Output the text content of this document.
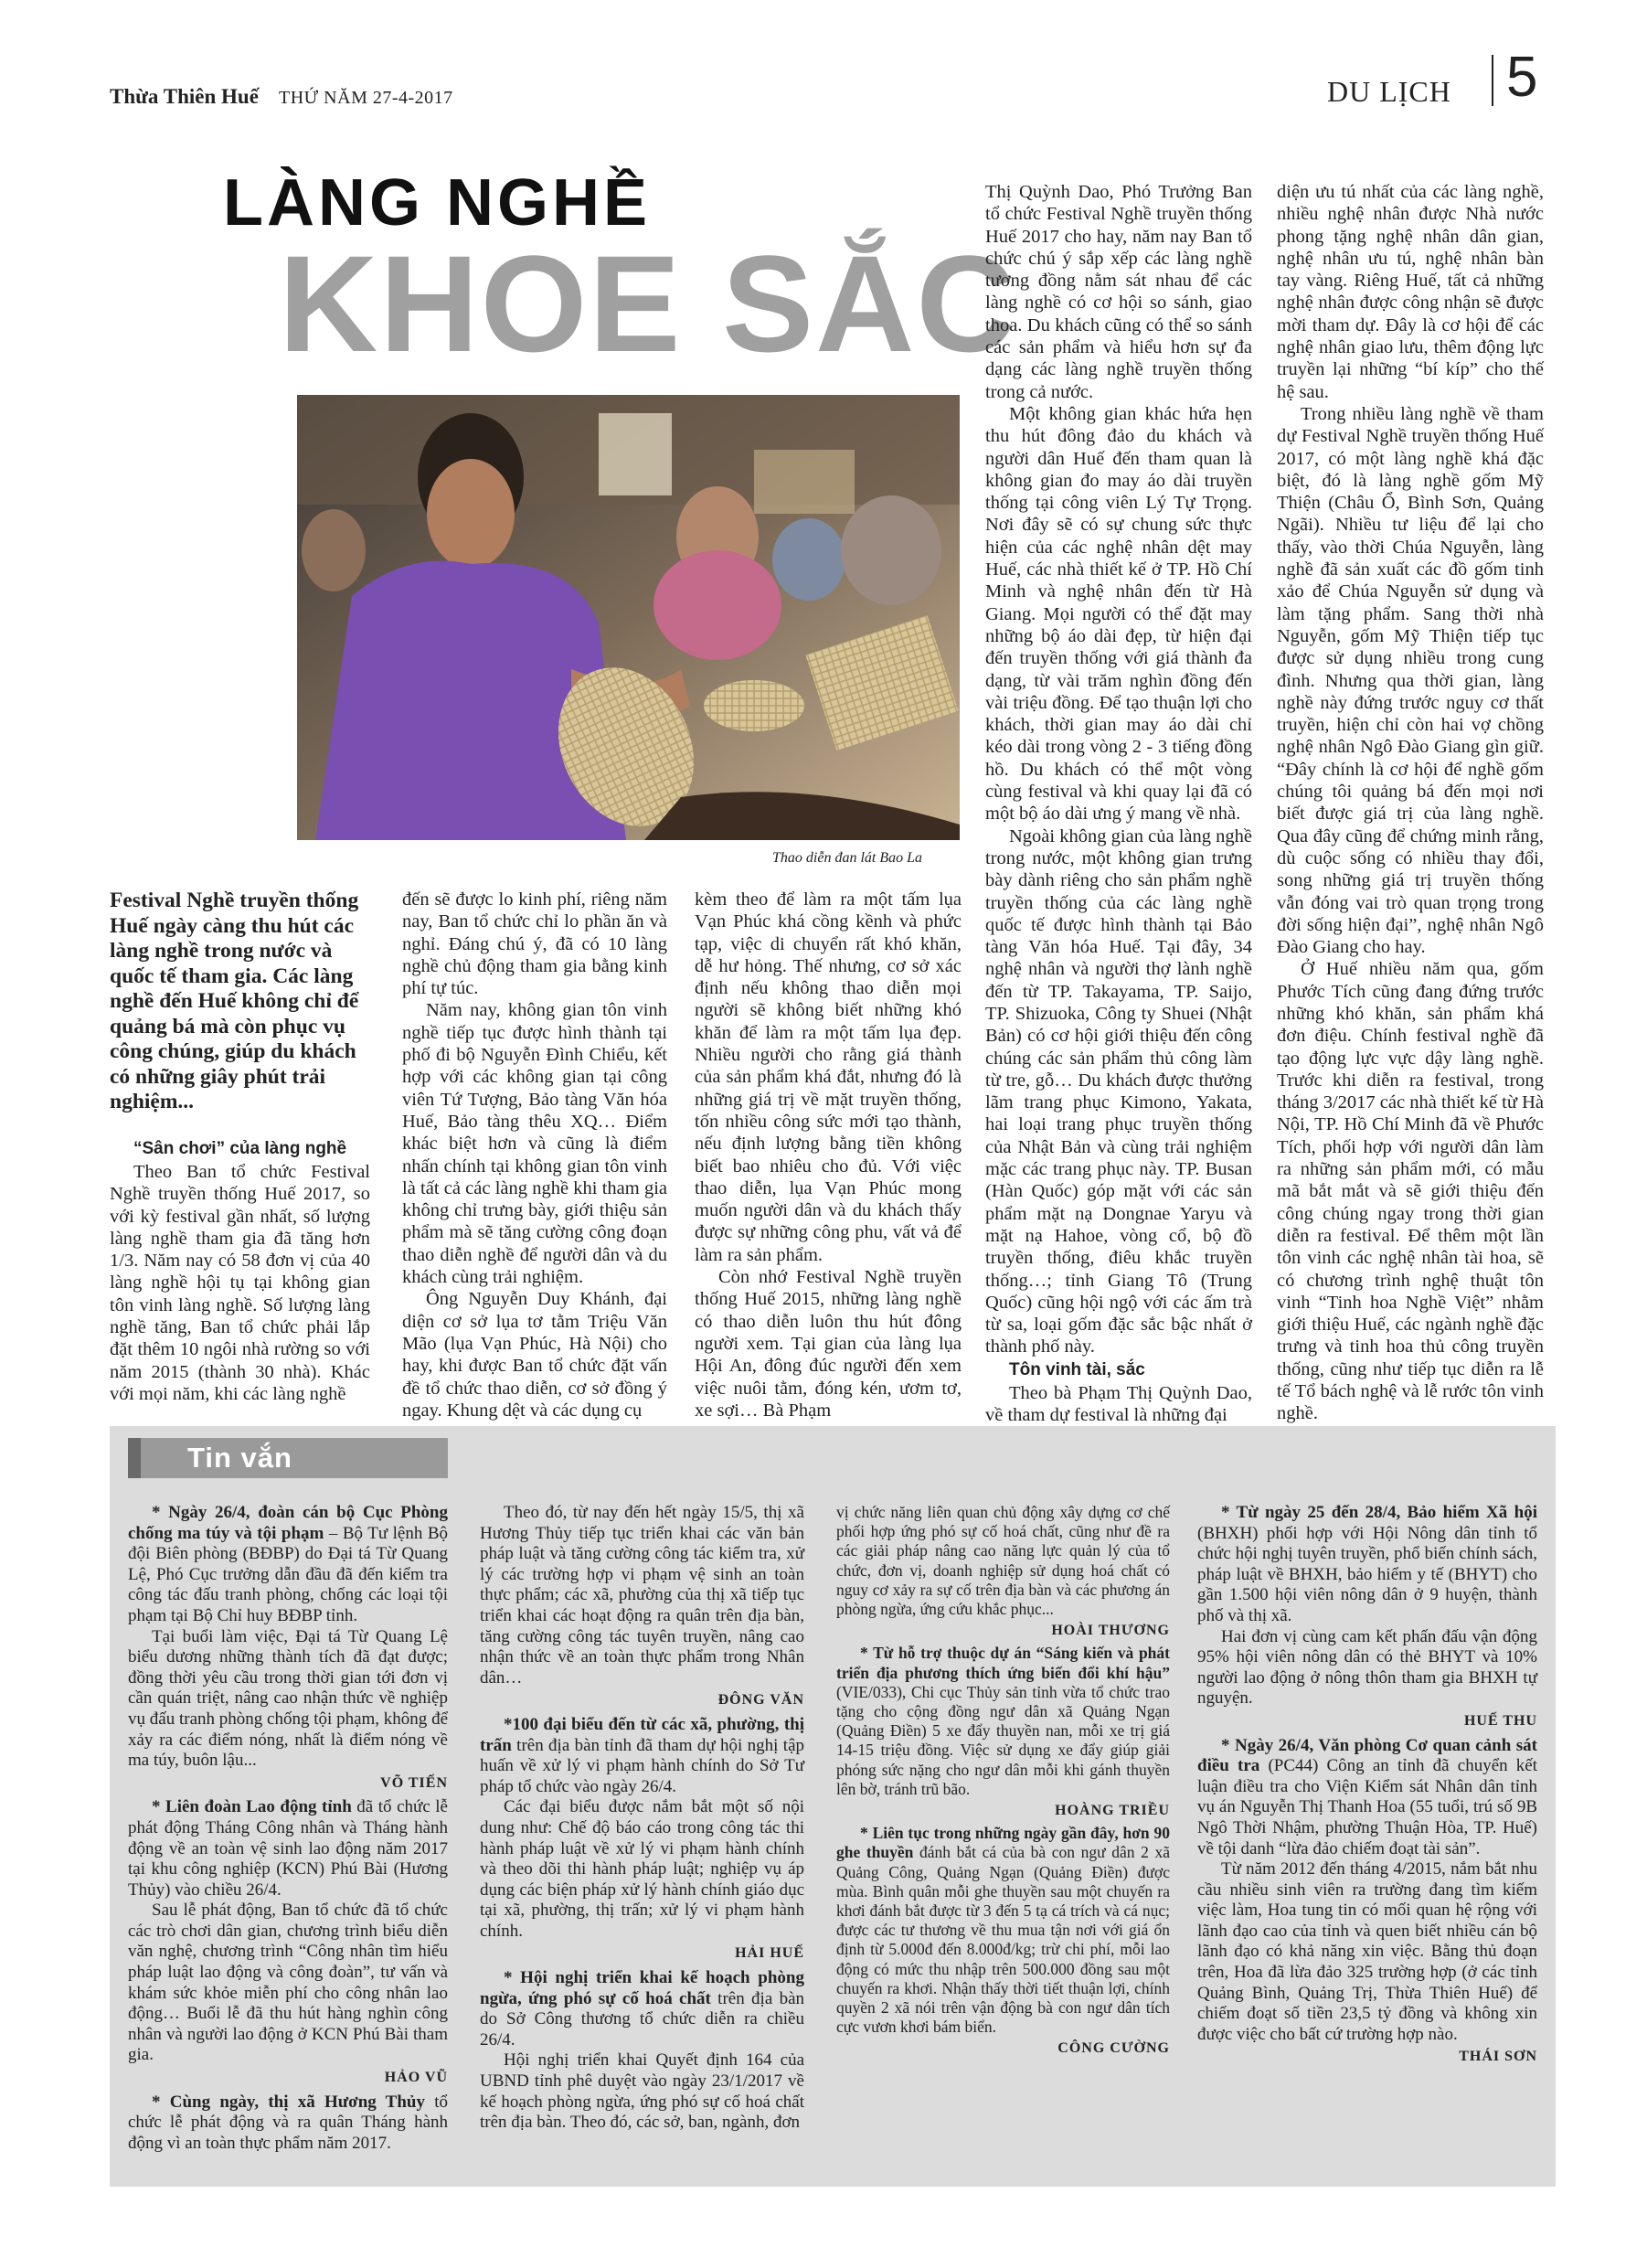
Thừa Thiên Huế THỨ NĂM 27-4-2017	DU LỊCH 5
LÀNG NGHỀ
KHOE SẮC
Thao diễn đan lát Bao La
Festival Nghề truyền thống Huế ngày càng thu hút các làng nghề trong nước và quốc tế tham gia. Các làng nghề đến Huế không chỉ để quảng bá mà còn phục vụ công chúng, giúp du khách có những giây phút trải nghiệm...

“Sân chơi” của làng nghề

Theo Ban tổ chức Festival Nghề truyền thống Huế 2017, so với kỳ festival gần nhất, số lượng làng nghề tham gia đã tăng hơn 1/3. Năm nay có 58 đơn vị của 40 làng nghề hội tụ tại không gian tôn vinh làng nghề. Số lượng làng nghề tăng, Ban tổ chức phải lắp đặt thêm 10 ngôi nhà rường so với năm 2015 (thành 30 nhà). Khác với mọi năm, khi các làng nghề

đến sẽ được lo kinh phí, riêng năm nay, Ban tổ chức chỉ lo phần ăn và nghỉ. Đáng chú ý, đã có 10 làng nghề chủ động tham gia bằng kinh phí tự túc.

Năm nay, không gian tôn vinh nghề tiếp tục được hình thành tại phố đi bộ Nguyễn Đình Chiểu, kết hợp với các không gian tại công viên Tứ Tượng, Bảo tàng Văn hóa Huế, Bảo tàng thêu XQ… Điểm khác biệt hơn và cũng là điểm nhấn chính tại không gian tôn vinh là tất cả các làng nghề khi tham gia không chỉ trưng bày, giới thiệu sản phẩm mà sẽ tăng cường công đoạn thao diễn nghề để người dân và du khách cùng trải nghiệm.

Ông Nguyễn Duy Khánh, đại diện cơ sở lụa tơ tằm Triệu Văn Mão (lụa Vạn Phúc, Hà Nội) cho hay, khi được Ban tổ chức đặt vấn đề tổ chức thao diễn, cơ sở đồng ý ngay. Khung dệt và các dụng cụ

kèm theo để làm ra một tấm lụa Vạn Phúc khá cồng kềnh và phức tạp, việc di chuyển rất khó khăn, dễ hư hỏng. Thế nhưng, cơ sở xác định nếu không thao diễn mọi người sẽ không biết những khó khăn để làm ra một tấm lụa đẹp. Nhiều người cho rằng giá thành của sản phẩm khá đắt, nhưng đó là những giá trị về mặt truyền thống, tốn nhiều công sức mới tạo thành, nếu định lượng bằng tiền không biết bao nhiêu cho đủ. Với việc thao diễn, lụa Vạn Phúc mong muốn người dân và du khách thấy được sự những công phu, vất vả để làm ra sản phẩm.

Còn nhớ Festival Nghề truyền thống Huế 2015, những làng nghề có thao diễn luôn thu hút đông người xem. Tại gian của làng lụa Hội An, đông đúc người đến xem việc nuôi tằm, đóng kén, ươm tơ, xe sợi… Bà Phạm

Thị Quỳnh Dao, Phó Trưởng Ban tổ chức Festival Nghề truyền thống Huế 2017 cho hay, năm nay Ban tổ chức chú ý sắp xếp các làng nghề tương đồng nằm sát nhau để các làng nghề có cơ hội so sánh, giao thoa. Du khách cũng có thể so sánh các sản phẩm và hiểu hơn sự đa dạng các làng nghề truyền thống trong cả nước.

Một không gian khác hứa hẹn thu hút đông đảo du khách và người dân Huế đến tham quan là không gian đo may áo dài truyền thống tại công viên Lý Tự Trọng. Nơi đây sẽ có sự chung sức thực hiện của các nghệ nhân dệt may Huế, các nhà thiết kế ở TP. Hồ Chí Minh và nghệ nhân đến từ Hà Giang. Mọi người có thể đặt may những bộ áo dài đẹp, từ hiện đại đến truyền thống với giá thành đa dạng, từ vài trăm nghìn đồng đến vài triệu đồng. Để tạo thuận lợi cho khách, thời gian may áo dài chỉ kéo dài trong vòng 2 - 3 tiếng đồng hồ. Du khách có thể một vòng cùng festival và khi quay lại đã có một bộ áo dài ưng ý mang về nhà.

Ngoài không gian của làng nghề trong nước, một không gian trưng bày dành riêng cho sản phẩm nghề truyền thống của các làng nghề quốc tế được hình thành tại Bảo tàng Văn hóa Huế. Tại đây, 34 nghệ nhân và người thợ lành nghề đến từ TP. Takayama, TP. Saijo, TP. Shizuoka, Công ty Shuei (Nhật Bản) có cơ hội giới thiệu đến công chúng các sản phẩm thủ công làm từ tre, gỗ… Du khách được thưởng lãm trang phục Kimono, Yakata, hai loại trang phục truyền thống của Nhật Bản và cùng trải nghiệm mặc các trang phục này. TP. Busan (Hàn Quốc) góp mặt với các sản phẩm mặt nạ Dongnae Yaryu và mặt nạ Hahoe, vòng cổ, bộ đồ truyền thống, điêu khắc truyền thống…; tỉnh Giang Tô (Trung Quốc) cũng hội ngộ với các ấm trà từ sa, loại gốm đặc sắc bậc nhất ở thành phố này.

Tôn vinh tài, sắc

Theo bà Phạm Thị Quỳnh Dao, về tham dự festival là những đại

diện ưu tú nhất của các làng nghề, nhiều nghệ nhân được Nhà nước phong tặng nghệ nhân dân gian, nghệ nhân ưu tú, nghệ nhân bàn tay vàng. Riêng Huế, tất cả những nghệ nhân được công nhận sẽ được mời tham dự. Đây là cơ hội để các nghệ nhân giao lưu, thêm động lực truyền lại những “bí kíp” cho thế hệ sau.

Trong nhiều làng nghề về tham dự Festival Nghề truyền thống Huế 2017, có một làng nghề khá đặc biệt, đó là làng nghề gốm Mỹ Thiện (Châu Ổ, Bình Sơn, Quảng Ngãi). Nhiều tư liệu để lại cho thấy, vào thời Chúa Nguyễn, làng nghề đã sản xuất các đồ gốm tinh xảo để Chúa Nguyễn sử dụng và làm tặng phẩm. Sang thời nhà Nguyễn, gốm Mỹ Thiện tiếp tục được sử dụng nhiều trong cung đình. Nhưng qua thời gian, làng nghề này đứng trước nguy cơ thất truyền, hiện chỉ còn hai vợ chồng nghệ nhân Ngô Đào Giang gìn giữ. “Đây chính là cơ hội để nghề gốm chúng tôi quảng bá đến mọi nơi biết được giá trị của làng nghề. Qua đây cũng để chứng minh rằng, dù cuộc sống có nhiều thay đổi, song những giá trị truyền thống vẫn đóng vai trò quan trọng trong đời sống hiện đại”, nghệ nhân Ngô Đào Giang cho hay.

Ở Huế nhiều năm qua, gốm Phước Tích cũng đang đứng trước những khó khăn, sản phẩm khá đơn điệu. Chính festival nghề đã tạo động lực vực dậy làng nghề. Trước khi diễn ra festival, trong tháng 3/2017 các nhà thiết kế từ Hà Nội, TP. Hồ Chí Minh đã về Phước Tích, phối hợp với người dân làm ra những sản phẩm mới, có mẫu mã bắt mắt và sẽ giới thiệu đến công chúng ngay trong thời gian diễn ra festival. Để thêm một lần tôn vinh các nghệ nhân tài hoa, sẽ có chương trình nghệ thuật tôn vinh “Tinh hoa Nghề Việt” nhằm giới thiệu Huế, các ngành nghề đặc trưng và tinh hoa thủ công truyền thống, cũng như tiếp tục diễn ra lễ tế Tổ bách nghệ và lễ rước tôn vinh nghề.

Tin vắn

* Ngày 26/4, đoàn cán bộ Cục Phòng chống ma túy và tội phạm – Bộ Tư lệnh Bộ đội Biên phòng (BĐBP) do Đại tá Từ Quang Lệ, Phó Cục trưởng dẫn đầu đã đến kiểm tra công tác đấu tranh phòng, chống các loại tội phạm tại Bộ Chỉ huy BĐBP tỉnh.

Tại buổi làm việc, Đại tá Từ Quang Lệ biểu dương những thành tích đã đạt được; đồng thời yêu cầu trong thời gian tới đơn vị cần quán triệt, nâng cao nhận thức về nghiệp vụ đấu tranh phòng chống tội phạm, không để xảy ra các điểm nóng, nhất là điểm nóng về ma túy, buôn lậu...

VÕ TIẾN

* Liên đoàn Lao động tỉnh đã tổ chức lễ phát động Tháng Công nhân và Tháng hành động về an toàn vệ sinh lao động năm 2017 tại khu công nghiệp (KCN) Phú Bài (Hương Thủy) vào chiều 26/4.

Sau lễ phát động, Ban tổ chức đã tổ chức các trò chơi dân gian, chương trình biểu diễn văn nghệ, chương trình “Công nhân tìm hiểu pháp luật lao động và công đoàn”, tư vấn và khám sức khỏe miễn phí cho công nhân lao động… Buổi lễ đã thu hút hàng nghìn công nhân và người lao động ở KCN Phú Bài tham gia.

HẢO VŨ

* Cùng ngày, thị xã Hương Thủy tổ chức lễ phát động và ra quân Tháng hành động vì an toàn thực phẩm năm 2017.

Theo đó, từ nay đến hết ngày 15/5, thị xã Hương Thủy tiếp tục triển khai các văn bản pháp luật và tăng cường công tác kiểm tra, xử lý các trường hợp vi phạm vệ sinh an toàn thực phẩm; các xã, phường của thị xã tiếp tục triển khai các hoạt động ra quân trên địa bàn, tăng cường công tác tuyên truyền, nâng cao nhận thức về an toàn thực phẩm trong Nhân dân…

ĐÔNG VĂN

*100 đại biểu đến từ các xã, phường, thị trấn trên địa bàn tỉnh đã tham dự hội nghị tập huấn về xử lý vi phạm hành chính do Sở Tư pháp tổ chức vào ngày 26/4.

Các đại biểu được nắm bắt một số nội dung như: Chế độ báo cáo trong công tác thi hành pháp luật về xử lý vi phạm hành chính và theo dõi thi hành pháp luật; nghiệp vụ áp dụng các biện pháp xử lý hành chính giáo dục tại xã, phường, thị trấn; xử lý vi phạm hành chính.

HẢI HUẾ

* Hội nghị triển khai kế hoạch phòng ngừa, ứng phó sự cố hoá chất trên địa bàn do Sở Công thương tổ chức diễn ra chiều 26/4.

Hội nghị triển khai Quyết định 164 của UBND tỉnh phê duyệt vào ngày 23/1/2017 về kế hoạch phòng ngừa, ứng phó sự cố hoá chất trên địa bàn. Theo đó, các sở, ban, ngành, đơn

vị chức năng liên quan chủ động xây dựng cơ chế phối hợp ứng phó sự cố hoá chất, cũng như đề ra các giải pháp nâng cao năng lực quản lý của tổ chức, đơn vị, doanh nghiệp sử dụng hoá chất có nguy cơ xảy ra sự cố trên địa bàn và các phương án phòng ngừa, ứng cứu khắc phục...

HOÀI THƯƠNG

* Từ hỗ trợ thuộc dự án “Sáng kiến và phát triển địa phương thích ứng biến đổi khí hậu” (VIE/033), Chi cục Thủy sản tỉnh vừa tổ chức trao tặng cho cộng đồng ngư dân xã Quảng Ngạn (Quảng Điền) 5 xe đẩy thuyền nan, mỗi xe trị giá 14-15 triệu đồng. Việc sử dụng xe đẩy giúp giải phóng sức nặng cho ngư dân mỗi khi gánh thuyền lên bờ, tránh trũ bão.

HOÀNG TRIỀU

* Liên tục trong những ngày gần đây, hơn 90 ghe thuyền đánh bắt cá của bà con ngư dân 2 xã Quảng Công, Quảng Ngạn (Quảng Điền) được mùa. Bình quân mỗi ghe thuyền sau một chuyến ra khơi đánh bắt được từ 3 đến 5 tạ cá trích và cá nục; được các tư thương về thu mua tận nơi với giá ổn định từ 5.000đ đến 8.000đ/kg; trừ chi phí, mỗi lao động có mức thu nhập trên 500.000 đồng sau một chuyến ra khơi. Nhận thấy thời tiết thuận lợi, chính quyền 2 xã nói trên vận động bà con ngư dân tích cực vươn khơi bám biển.

CÔNG CƯỜNG

* Từ ngày 25 đến 28/4, Bảo hiểm Xã hội (BHXH) phối hợp với Hội Nông dân tỉnh tổ chức hội nghị tuyên truyền, phổ biến chính sách, pháp luật về BHXH, bảo hiểm y tế (BHYT) cho gần 1.500 hội viên nông dân ở 9 huyện, thành phố và thị xã.

Hai đơn vị cùng cam kết phấn đấu vận động 95% hội viên nông dân có thẻ BHYT và 10% người lao động ở nông thôn tham gia BHXH tự nguyện.

HUẾ THU

* Ngày 26/4, Văn phòng Cơ quan cảnh sát điều tra (PC44) Công an tỉnh đã chuyển kết luận điều tra cho Viện Kiểm sát Nhân dân tỉnh vụ án Nguyễn Thị Thanh Hoa (55 tuổi, trú số 9B Ngô Thời Nhậm, phường Thuận Hòa, TP. Huế) về tội danh “lừa đảo chiếm đoạt tài sản”.

Từ năm 2012 đến tháng 4/2015, nắm bắt nhu cầu nhiều sinh viên ra trường đang tìm kiếm việc làm, Hoa tung tin có mối quan hệ rộng với lãnh đạo cao của tỉnh và quen biết nhiều cán bộ lãnh đạo có khả năng xin việc. Bằng thủ đoạn trên, Hoa đã lừa đảo 325 trường hợp (ở các tỉnh Quảng Bình, Quảng Trị, Thừa Thiên Huế) để chiếm đoạt số tiền 23,5 tỷ đồng và không xin được việc cho bất cứ trường hợp nào.

THÁI SƠN
